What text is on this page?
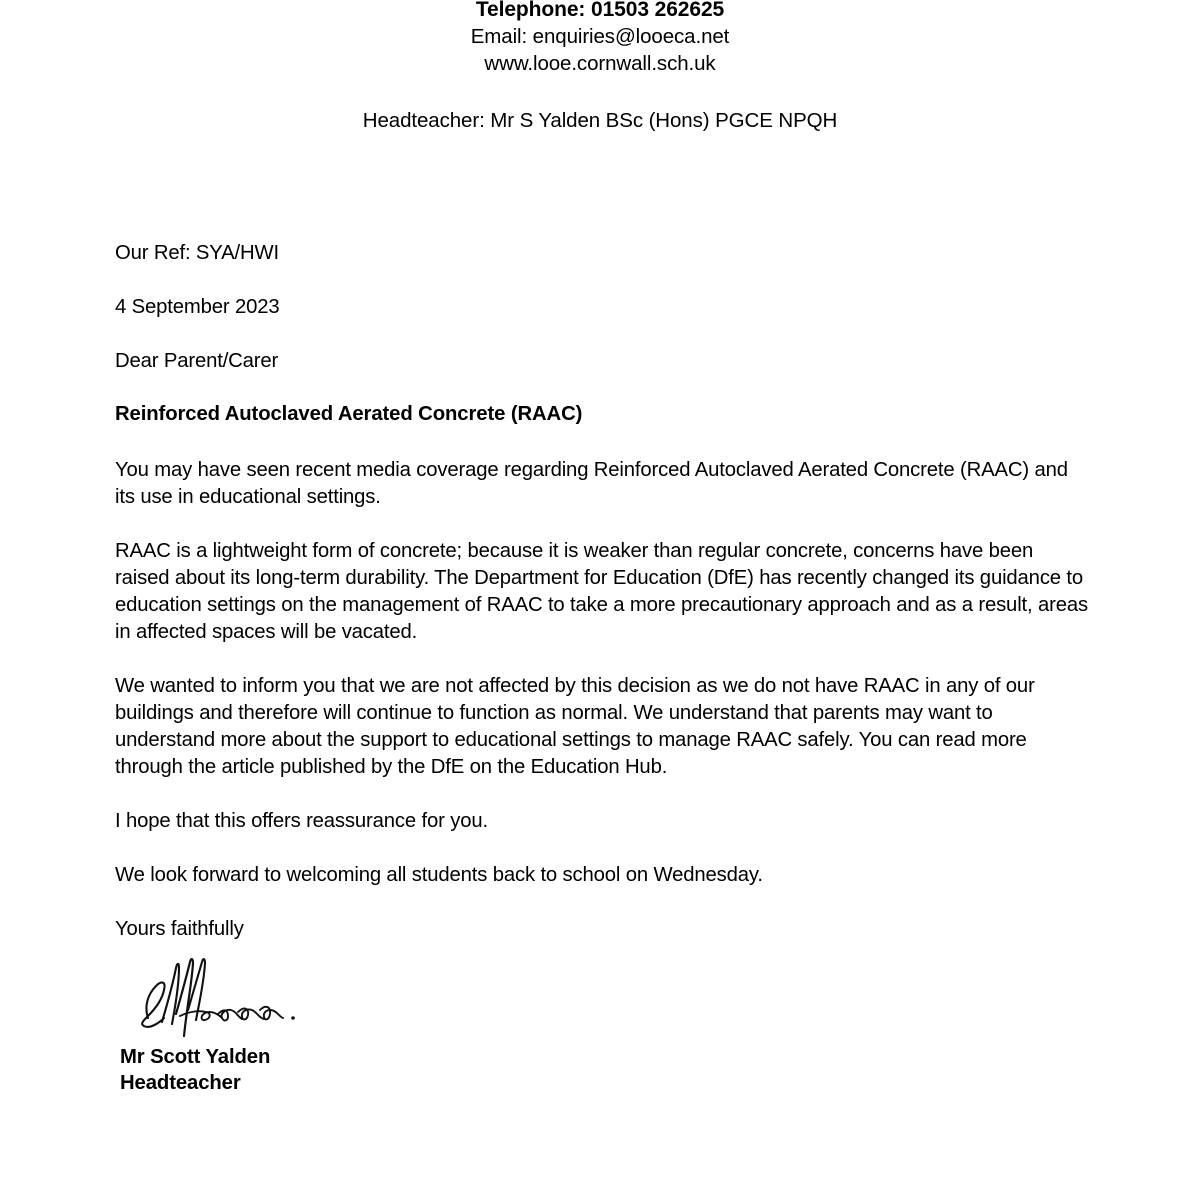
Telephone: 01503 262625
Email: enquiries@looeca.net
www.looe.cornwall.sch.uk
Headteacher: Mr S Yalden BSc (Hons) PGCE NPQH
Our Ref: SYA/HWI
4 September 2023
Dear Parent/Carer
Reinforced Autoclaved Aerated Concrete (RAAC)

You may have seen recent media coverage regarding Reinforced Autoclaved Aerated Concrete (RAAC) and its use in educational settings.

RAAC is a lightweight form of concrete; because it is weaker than regular concrete, concerns have been raised about its long-term durability. The Department for Education (DfE) has recently changed its guidance to education settings on the management of RAAC to take a more precautionary approach and as a result, areas in affected spaces will be vacated.

We wanted to inform you that we are not affected by this decision as we do not have RAAC in any of our buildings and therefore will continue to function as normal. We understand that parents may want to understand more about the support to educational settings to manage RAAC safely. You can read more through the article published by the DfE on the Education Hub.

I hope that this offers reassurance for you.

We look forward to welcoming all students back to school on Wednesday.

Yours faithfully
Mr Scott Yalden
Headteacher
